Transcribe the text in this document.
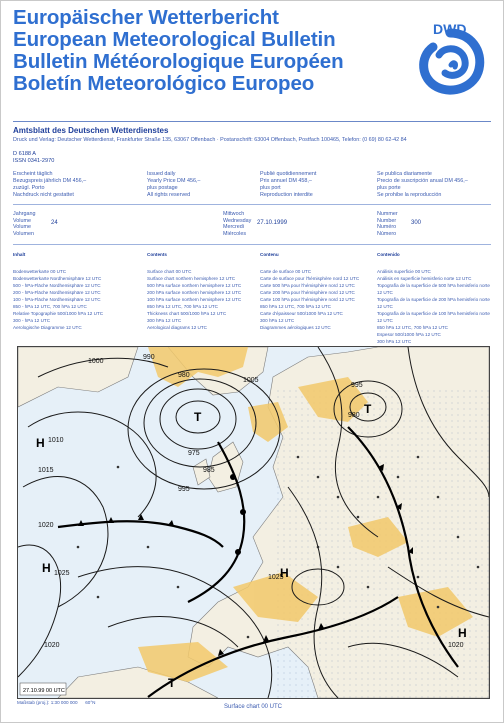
Europäischer Wetterbericht
European Meteorological Bulletin
Bulletin Météorologique Européen
Boletín Meteorológico Europeo
DWD
Amtsblatt des Deutschen Wetterdienstes
Druck und Verlag: Deutscher Wetterdienst, Frankfurter Straße 135, 63067 Offenbach · Postanschrift: 63004 Offenbach, Postfach 100465, Telefon: (0 69) 80 62-42 84
D 6188 A
ISSN 0341-2970
Erscheint täglich
Bezugspreis jährlich DM 456,–
zuzügl. Porto
Nachdruck nicht gestattet
Issued daily
Yearly Price DM 456,–
plus postage
All rights reserved
Publié quotidiennement
Prix annuel DM 458,–
plus port
Reproduction interdite
Se publica diariamente
Precio de suscripción anual DM 456,–
plus porte
Se prohibe la reproducción
Jahrgang
Volume
Volume
Volumen
24
Mittwoch
Wednesday
Mercredi
Miércoles
27.10.1999
Nummer
Number
Numéro
Número
300
Inhalt
Bodenwetterkarte 00 UTC
Bodenwetterkarte Nordhemisphäre 12 UTC
500 - hPa-Fläche Nordhemisphäre 12 UTC
200 - hPa-Fläche Nordhemisphäre 12 UTC
100 - hPa-Fläche Nordhemisphäre 12 UTC
850 - hPa 12 UTC, 700 hPa 12 UTC
Relative Topographie 500/1000 hPa 12 UTC
300 - hPa 12 UTC
Aerologische Diagramme 12 UTC
Contents
Surface chart 00 UTC
Surface chart northern hemisphere 12 UTC
500 hPa surface northern hemisphere 12 UTC
200 hPa surface northern hemisphere 12 UTC
100 hPa surface northern hemisphere 12 UTC
850 hPa 12 UTC, 700 hPa 12 UTC
Thickness chart 500/1000 hPa 12 UTC
300 hPa 12 UTC
Aerological diagrams 12 UTC
Contenu
Carte de surface 00 UTC
Carte de surface pour l'hémisphère nord 12 UTC
Carte 500 hPa pour l'hémisphère nord 12 UTC
Carte 200 hPa pour l'hémisphère nord 12 UTC
Carte 100 hPa pour l'hémisphère nord 12 UTC
850 hPa 12 UTC, 700 hPa 12 UTC
Carte d'épaisseur 500/1000 hPa 12 UTC
300 hPa 12 UTC
Diagrammes aérologiques 12 UTC
Contenido
Análisis superficie 00 UTC
Análisis en superficie hemisferio norte 12 UTC
Topografía de la superficie de 500 hPa hemisferio norte 12 UTC
Topografía de la superficie de 200 hPa hemisferio norte 12 UTC
Topografía de la superficie de 100 hPa hemisferio norte 12 UTC
850 hPa 12 UTC, 700 hPa 12 UTC
Espesor 500/1000 hPa 12 UTC
300 hPa 12 UTC
1000
990
980
975
985
995
1005
1010
1015
1020
1025
995
980
1020
1025
1020
H
H	H
H
T
T
T
27.10.99 00 UTC
Maßstab (proj.): 1:30 000 000 60°N
Surface chart 00 UTC
